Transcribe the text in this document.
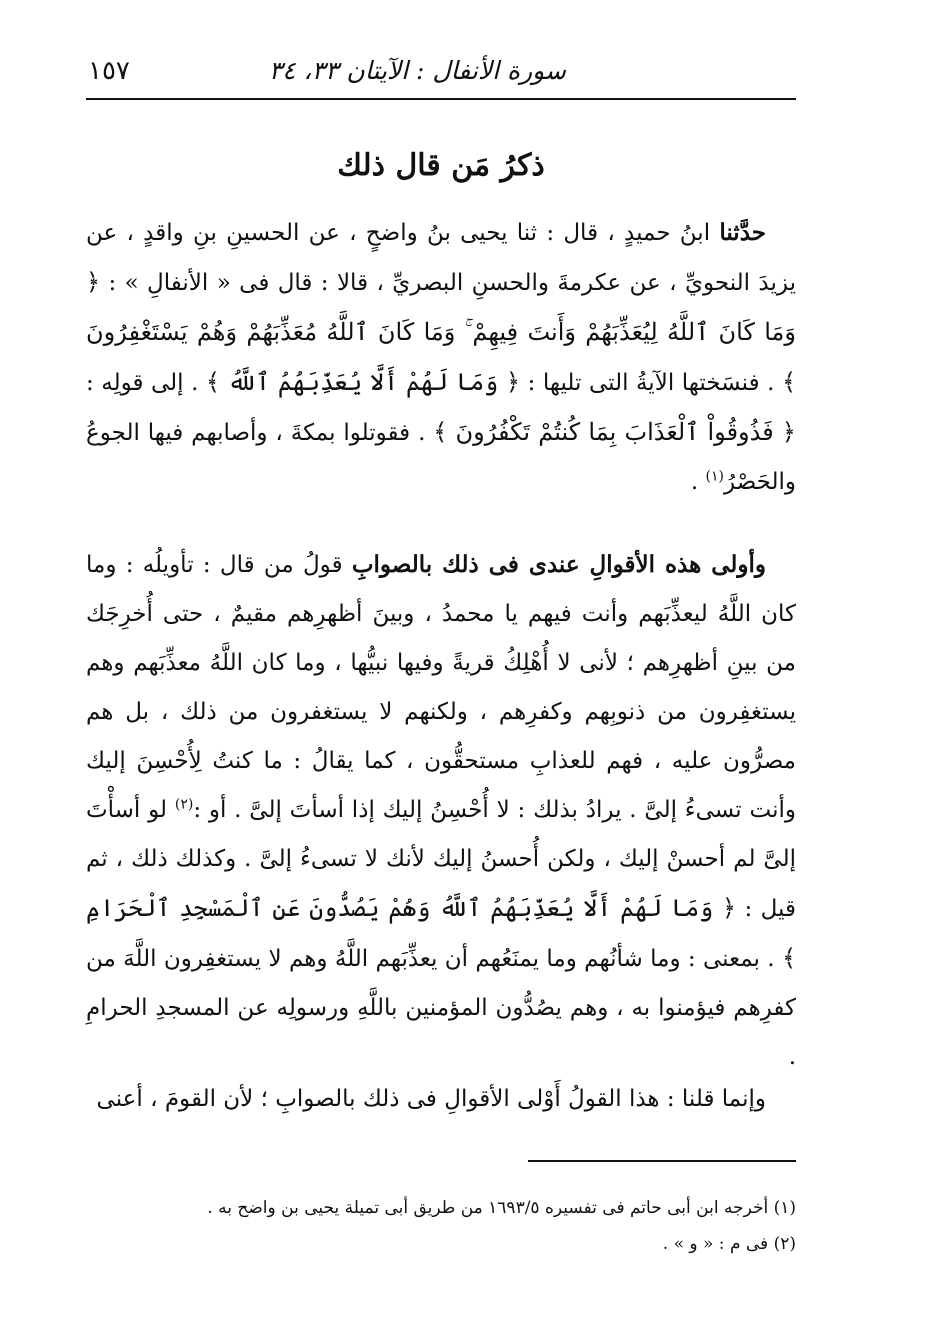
١٥٧	سورة الأنفال : الآيتان ٣٣، ٣٤
ذكرُ مَن قال ذلك

حدَّثنا ابنُ حميدٍ ، قال : ثنا يحيى بنُ واضحٍ ، عن الحسينِ بنِ واقدٍ ، عن يزيدَ النحويِّ ، عن عكرمةَ والحسنِ البصريِّ ، قالا : قال فى « الأنفالِ » : ﴿ وَمَا كَانَ ٱللَّهُ لِيُعَذِّبَهُمْ وَأَنتَ فِيهِمْ ۚ وَمَا كَانَ ٱللَّهُ مُعَذِّبَهُمْ وَهُمْ يَسْتَغْفِرُونَ ﴾ . فنسَختها الآيةُ التى تليها : ﴿ وَمَا لَهُمْ أَلَّا يُعَذِّبَهُمُ ٱللَّهُ ﴾ . إلى قولِه : ﴿ فَذُوقُواْ ٱلْعَذَابَ بِمَا كُنتُمْ تَكْفُرُونَ ﴾ . فقوتلوا بمكةَ ، وأصابهم فيها الجوعُ والحَصْرُ$^{(١)}$ .

وأولى هذه الأقوالِ عندى فى ذلك بالصوابِ قولُ من قال : تأويلُه : وما كان اللَّهُ ليعذِّبَهم وأنت فيهم يا محمدُ ، وبينَ أظهرِهم مقيمٌ ، حتى أُخرِجَك من بينِ أظهرِهم ؛ لأنى لا أُهْلِكُ قريةً وفيها نبيُّها ، وما كان اللَّهُ معذِّبَهم وهم يستغفِرون من ذنوبِهم وكفرِهم ، ولكنهم لا يستغفرون من ذلك ، بل هم مصرُّون عليه ، فهم للعذابِ مستحقُّون ، كما يقالُ : ما كنتُ لِأُحْسِنَ إليك وأنت تسىءُ إلىَّ . يرادُ بذلك : لا أُحْسِنُ إليك إذا أسأتَ إلىَّ . أو :$^{(٢)}$ لو أسأْتَ إلىَّ لم أحسنْ إليك ، ولكن أُحسنُ إليك لأنك لا تسىءُ إلىَّ . وكذلك ذلك ، ثم قيل : ﴿ وَمَا لَهُمْ أَلَّا يُعَذِّبَهُمُ ٱللَّهُ وَهُمْ يَصُدُّونَ عَنِ ٱلْمَسْجِدِ ٱلْحَرَامِ ﴾ . بمعنى : وما شأنُهم وما يمنَعُهم أن يعذِّبَهم اللَّهُ وهم لا يستغفِرون اللَّهَ من كفرِهم فيؤمنوا به ، وهم يصُدُّون المؤمنين باللَّهِ ورسولِه عن المسجدِ الحرامِ .

وإنما قلنا : هذا القولُ أَوْلى الأقوالِ فى ذلك بالصوابِ ؛ لأن القومَ ، أعنى

(١) أخرجه ابن أبى حاتم فى تفسيره ١٦٩٣/٥ من طريق أبى تميلة يحيى بن واضح به .
(٢) فى م : « و » .
